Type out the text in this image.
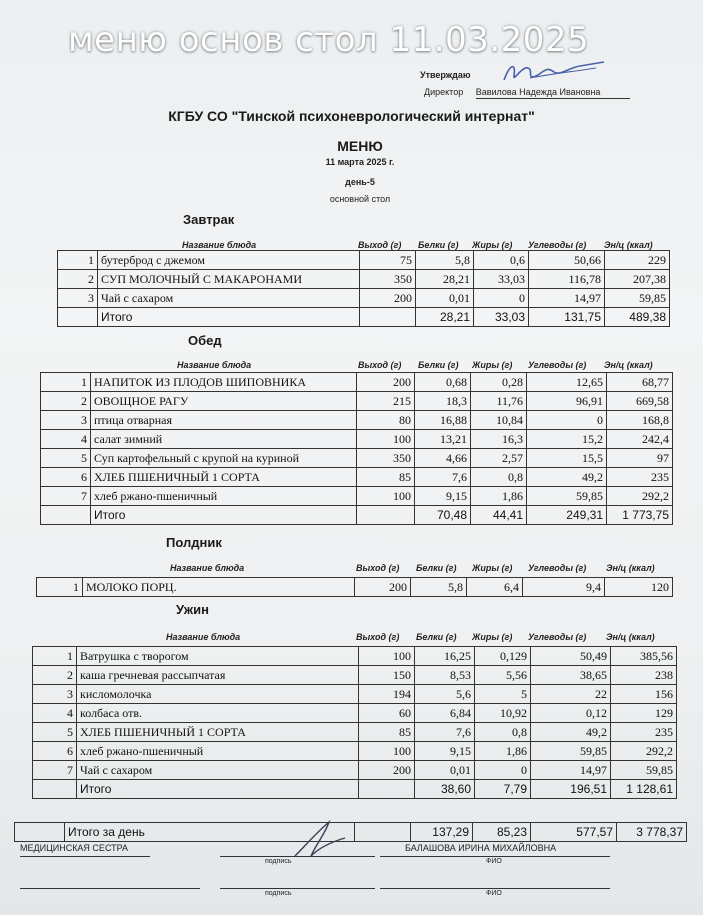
меню основ стол 11.03.2025
Утверждаю
Директор Вавилова Надежда Ивановна
КГБУ СО "Тинской психоневрологический интернат"
МЕНЮ
11 марта 2025 г.
день-5
основной стол
Название блюда	Выход (г) Белки (г) Жиры (г) Углеводы (г) Эн/ц (ккал)
Название блюда	Выход (г) Белки (г) Жиры (г) Углеводы (г) Эн/ц (ккал)
Название блюда	Выход (г) Белки (г) Жиры (г) Углеводы (г) Эн/ц (ккал)
Название блюда	Выход (г) Белки (г) Жиры (г) Углеводы (г) Эн/ц (ккал)
Завтрак
Обед
Полдник
Ужин
1	бутерброд с джемом	75	5,8	0,6	50,66	229
2	СУП МОЛОЧНЫЙ С МАКАРОНАМИ	350	28,21	33,03	116,78	207,38
3	Чай с сахаром	200	0,01	0	14,97	59,85
	Итого		28,21	33,03	131,75	489,38
1	НАПИТОК ИЗ ПЛОДОВ ШИПОВНИКА	200	0,68	0,28	12,65	68,77
2	ОВОЩНОЕ РАГУ	215	18,3	11,76	96,91	669,58
3	птица отварная	80	16,88	10,84	0	168,8
4	салат зимний	100	13,21	16,3	15,2	242,4
5	Суп картофельный с крупой на куриной	350	4,66	2,57	15,5	97
6	ХЛЕБ ПШЕНИЧНЫЙ 1 СОРТА	85	7,6	0,8	49,2	235
7	хлеб ржано-пшеничный	100	9,15	1,86	59,85	292,2
	Итого		70,48	44,41	249,31	1 773,75
1	МОЛОКО ПОРЦ.	200	5,8	6,4	9,4	120
1	Ватрушка с творогом	100	16,25	0,129	50,49	385,56
2	каша гречневая рассыпчатая	150	8,53	5,56	38,65	238
3	кисломолочка	194	5,6	5	22	156
4	колбаса отв.	60	6,84	10,92	0,12	129
5	ХЛЕБ ПШЕНИЧНЫЙ 1 СОРТА	85	7,6	0,8	49,2	235
6	хлеб ржано-пшеничный	100	9,15	1,86	59,85	292,2
7	Чай с сахаром	200	0,01	0	14,97	59,85
	Итого		38,60	7,79	196,51	1 128,61
	Итого за день		137,29	85,23	577,57	3 778,37
МЕДИЦИНСКАЯ СЕСТРА
подпись
БАЛАШОВА ИРИНА МИХАЙЛОВНА
ФИО
подпись	ФИО
